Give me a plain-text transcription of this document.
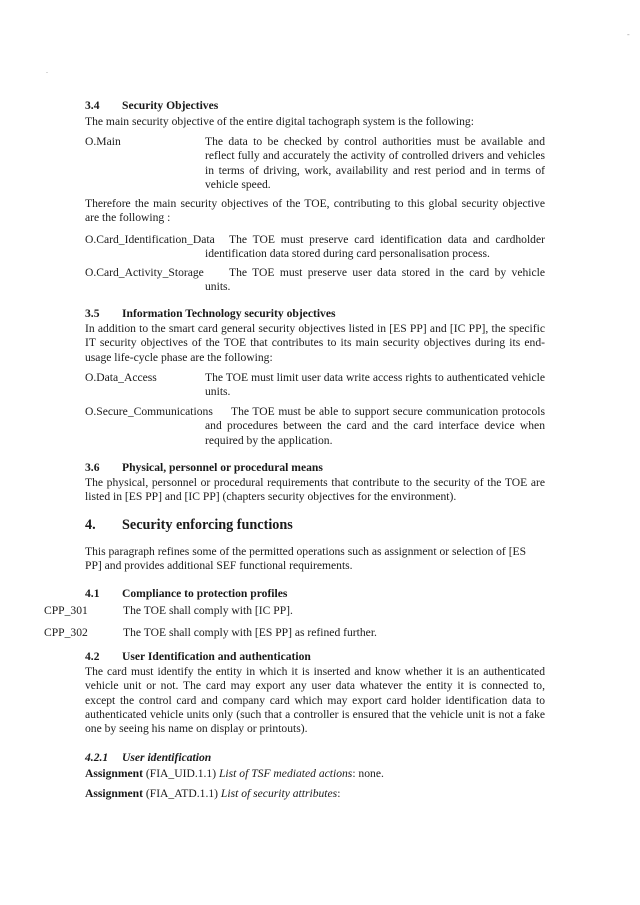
-
.
3.4 Security Objectives
The main security objective of the entire digital tachograph system is the following:
O.Main	The data to be checked by control authorities must be available and reflect fully and accurately the activity of controlled drivers and vehicles in terms of driving, work, availability and rest period and in terms of vehicle speed.
Therefore the main security objectives of the TOE, contributing to this global security objective are the following :
O.Card_Identification_Data	The TOE must preserve card identification data and cardholder identification data stored during card personalisation process.
O.Card_Activity_Storage	The TOE must preserve user data stored in the card by vehicle units.
3.5 Information Technology security objectives
In addition to the smart card general security objectives listed in [ES PP] and [IC PP], the specific IT security objectives of the TOE that contributes to its main security objectives during its end-usage life-cycle phase are the following:
O.Data_Access	The TOE must limit user data write access rights to authenticated vehicle units.
O.Secure_Communications	The TOE must be able to support secure communication protocols and procedures between the card and the card interface device when required by the application.
3.6 Physical, personnel or procedural means
The physical, personnel or procedural requirements that contribute to the security of the TOE are listed in [ES PP] and [IC PP] (chapters security objectives for the environment).
4. Security enforcing functions
This paragraph refines some of the permitted operations such as assignment or selection of [ES PP] and provides additional SEF functional requirements.
4.1 Compliance to protection profiles
CPP_301	The TOE shall comply with [IC PP].
CPP_302	The TOE shall comply with [ES PP] as refined further.
4.2 User Identification and authentication
The card must identify the entity in which it is inserted and know whether it is an authenticated vehicle unit or not. The card may export any user data whatever the entity it is connected to, except the control card and company card which may export card holder identification data to authenticated vehicle units only (such that a controller is ensured that the vehicle unit is not a fake one by seeing his name on display or printouts).
4.2.1 User identification
Assignment (FIA_UID.1.1) List of TSF mediated actions: none.
Assignment (FIA_ATD.1.1) List of security attributes:
